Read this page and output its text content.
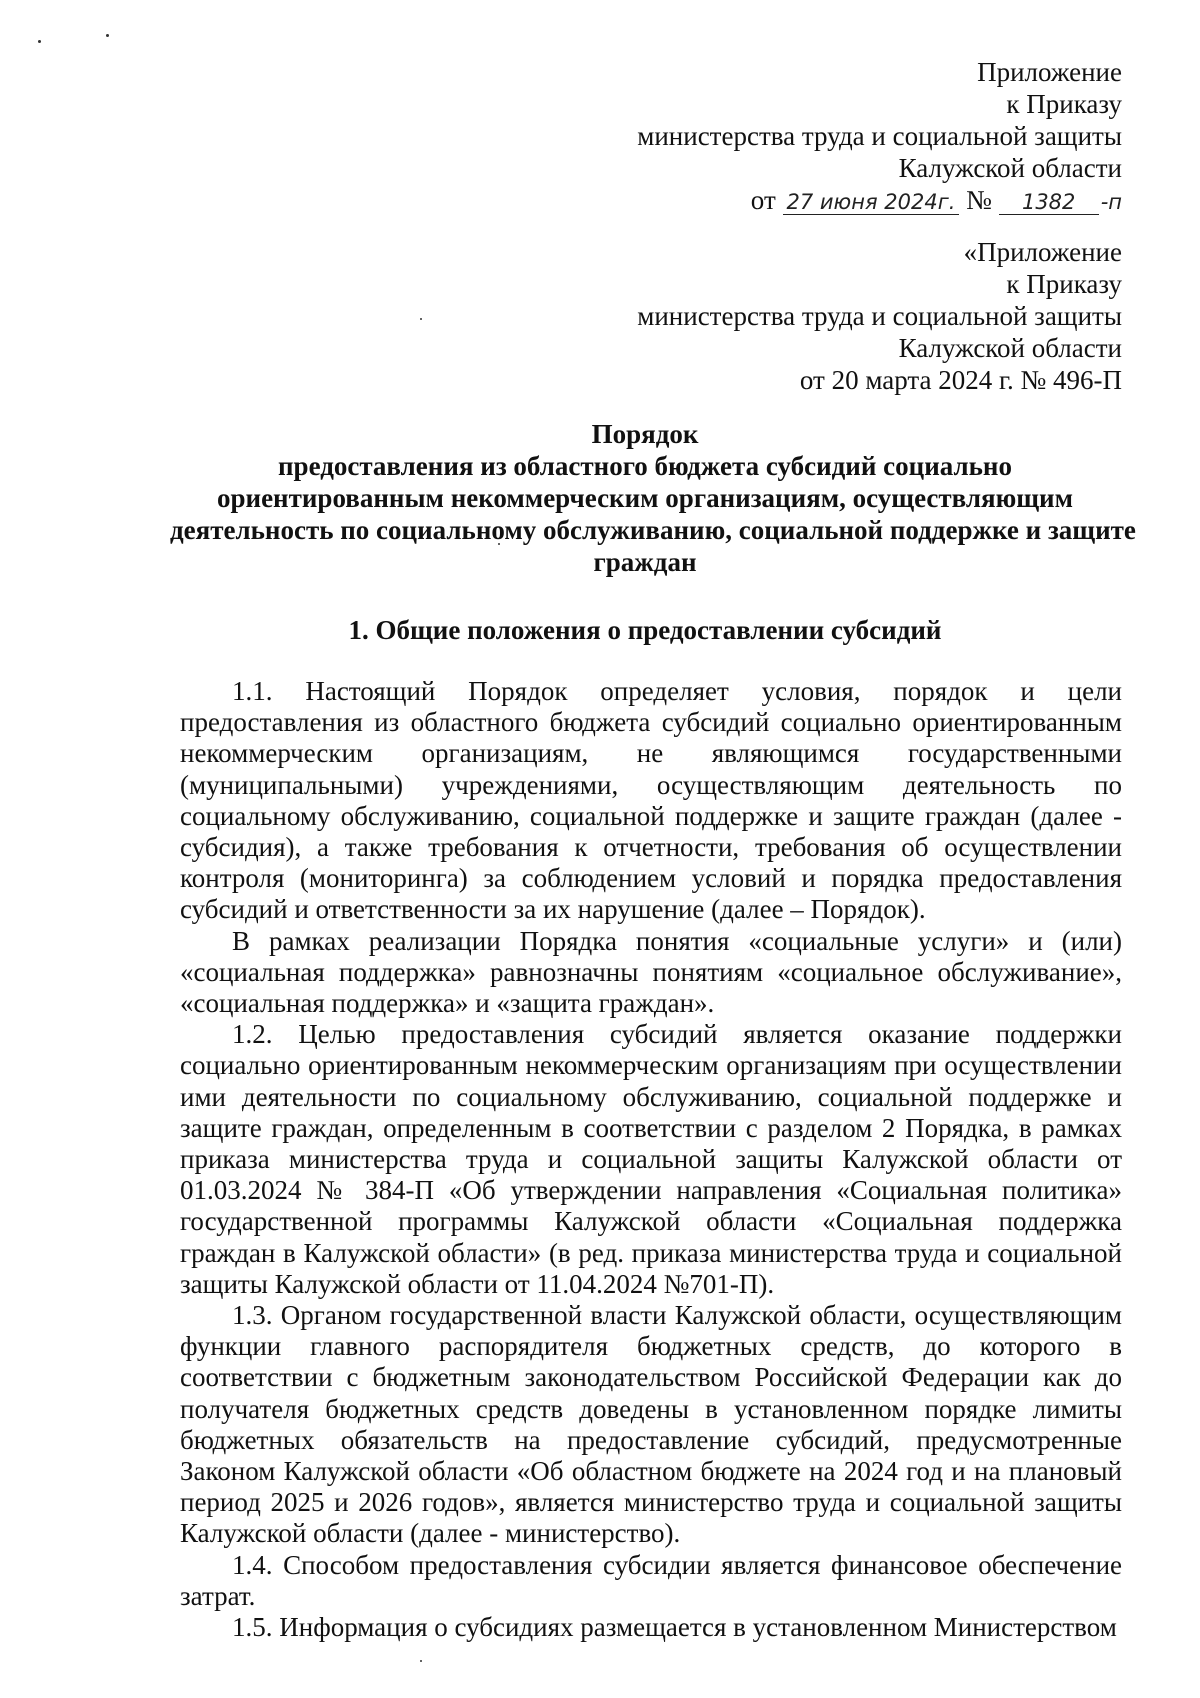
Приложение
к Приказу
министерства труда и социальной защиты
Калужской области
от 27 июня 2024г. № 1382 -п
«Приложение
к Приказу
министерства труда и социальной защиты
Калужской области
от 20 марта 2024 г. № 496-П
Порядок
предоставления из областного бюджета субсидий социально
ориентированным некоммерческим организациям, осуществляющим
деятельность по социальному обслуживанию, социальной поддержке и защите
граждан
1. Общие положения о предоставлении субсидий

1.1. Настоящий Порядок определяет условия, порядок и цели предоставления из областного бюджета субсидий социально ориентированным некоммерческим организациям, не являющимся государственными (муниципальными) учреждениями, осуществляющим деятельность по социальному обслуживанию, социальной поддержке и защите граждан (далее - субсидия), а также требования к отчетности, требования об осуществлении контроля (мониторинга) за соблюдением условий и порядка предоставления субсидий и ответственности за их нарушение (далее – Порядок).

В рамках реализации Порядка понятия «социальные услуги» и (или) «социальная поддержка» равнозначны понятиям «социальное обслуживание», «социальная поддержка» и «защита граждан».

1.2. Целью предоставления субсидий является оказание поддержки социально ориентированным некоммерческим организациям при осуществлении ими деятельности по социальному обслуживанию, социальной поддержке и защите граждан, определенным в соответствии с разделом 2 Порядка, в рамках приказа министерства труда и социальной защиты Калужской области от 01.03.2024 № 384-П «Об утверждении направления «Социальная политика» государственной программы Калужской области «Социальная поддержка граждан в Калужской области» (в ред. приказа министерства труда и социальной защиты Калужской области от 11.04.2024 №701-П).

1.3. Органом государственной власти Калужской области, осуществляющим функции главного распорядителя бюджетных средств, до которого в соответствии с бюджетным законодательством Российской Федерации как до получателя бюджетных средств доведены в установленном порядке лимиты бюджетных обязательств на предоставление субсидий, предусмотренные Законом Калужской области «Об областном бюджете на 2024 год и на плановый период 2025 и 2026 годов», является министерство труда и социальной защиты Калужской области (далее - министерство).

1.4. Способом предоставления субсидии является финансовое обеспечение затрат.

1.5. Информация о субсидиях размещается в установленном Министерством
